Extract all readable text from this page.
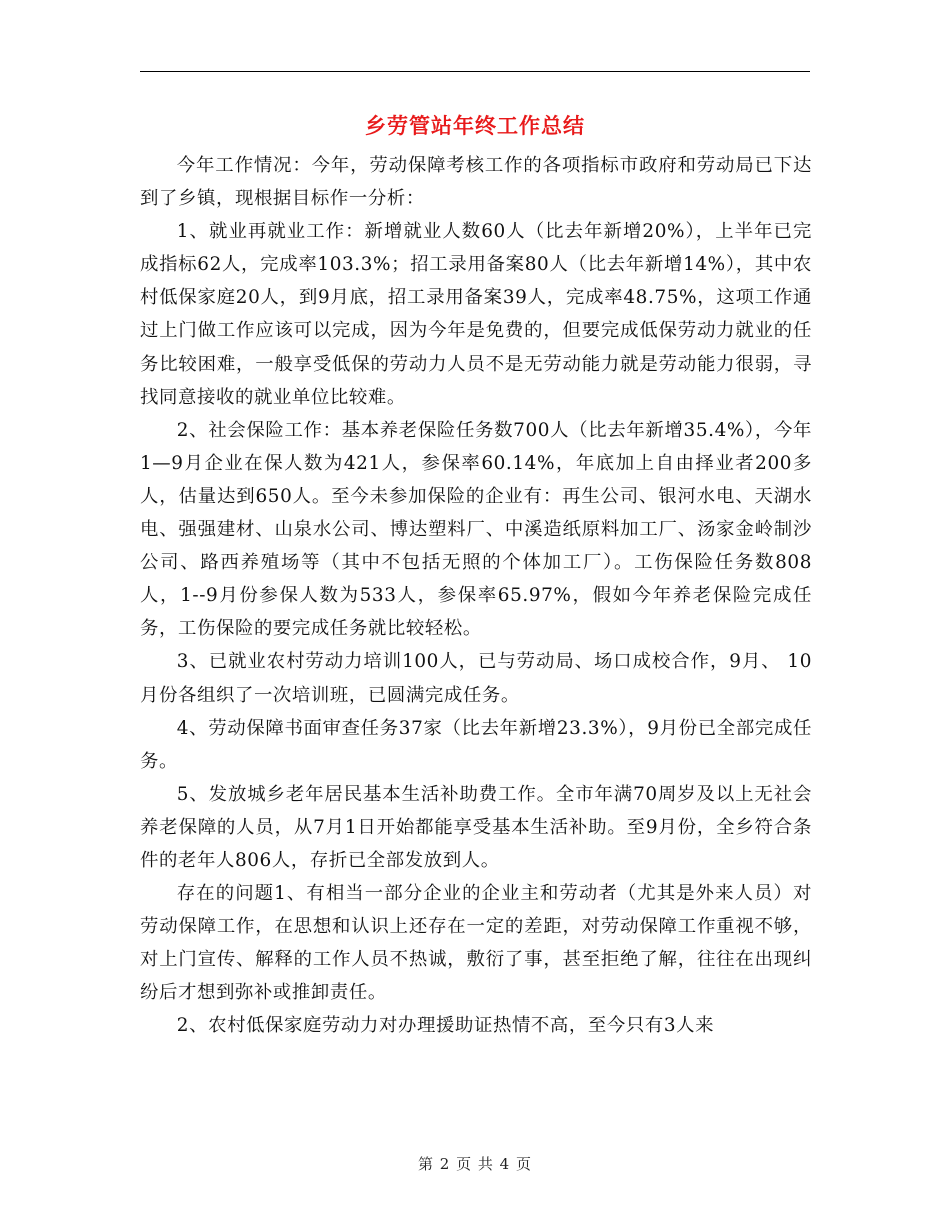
乡劳管站年终工作总结

今年工作情况：今年，劳动保障考核工作的各项指标市政府和劳动局已下达到了乡镇，现根据目标作一分析：

1、就业再就业工作：新增就业人数60人（比去年新增20%），上半年已完成指标62人，完成率103.3%；招工录用备案80人（比去年新增14%），其中农村低保家庭20人，到9月底，招工录用备案39人，完成率48.75%，这项工作通过上门做工作应该可以完成，因为今年是免费的，但要完成低保劳动力就业的任务比较困难，一般享受低保的劳动力人员不是无劳动能力就是劳动能力很弱，寻找同意接收的就业单位比较难。

2、社会保险工作：基本养老保险任务数700人（比去年新增35.4%），今年1—9月企业在保人数为421人，参保率60.14%，年底加上自由择业者200多人，估量达到650人。至今未参加保险的企业有：再生公司、银河水电、天湖水电、强强建材、山泉水公司、博达塑料厂、中溪造纸原料加工厂、汤家金岭制沙公司、路西养殖场等（其中不包括无照的个体加工厂）。工伤保险任务数808人，1--9月份参保人数为533人，参保率65.97%，假如今年养老保险完成任务，工伤保险的要完成任务就比较轻松。

3、已就业农村劳动力培训100人，已与劳动局、场口成校合作，9月、 10月份各组织了一次培训班，已圆满完成任务。

4、劳动保障书面审查任务37家（比去年新增23.3%），9月份已全部完成任务。

5、发放城乡老年居民基本生活补助费工作。全市年满70周岁及以上无社会养老保障的人员，从7月1日开始都能享受基本生活补助。至9月份，全乡符合条件的老年人806人，存折已全部发放到人。

存在的问题1、有相当一部分企业的企业主和劳动者（尤其是外来人员）对劳动保障工作，在思想和认识上还存在一定的差距，对劳动保障工作重视不够，对上门宣传、解释的工作人员不热诚，敷衍了事，甚至拒绝了解，往往在出现纠纷后才想到弥补或推卸责任。

2、农村低保家庭劳动力对办理援助证热情不高，至今只有3人来

第 2 页 共 4 页
